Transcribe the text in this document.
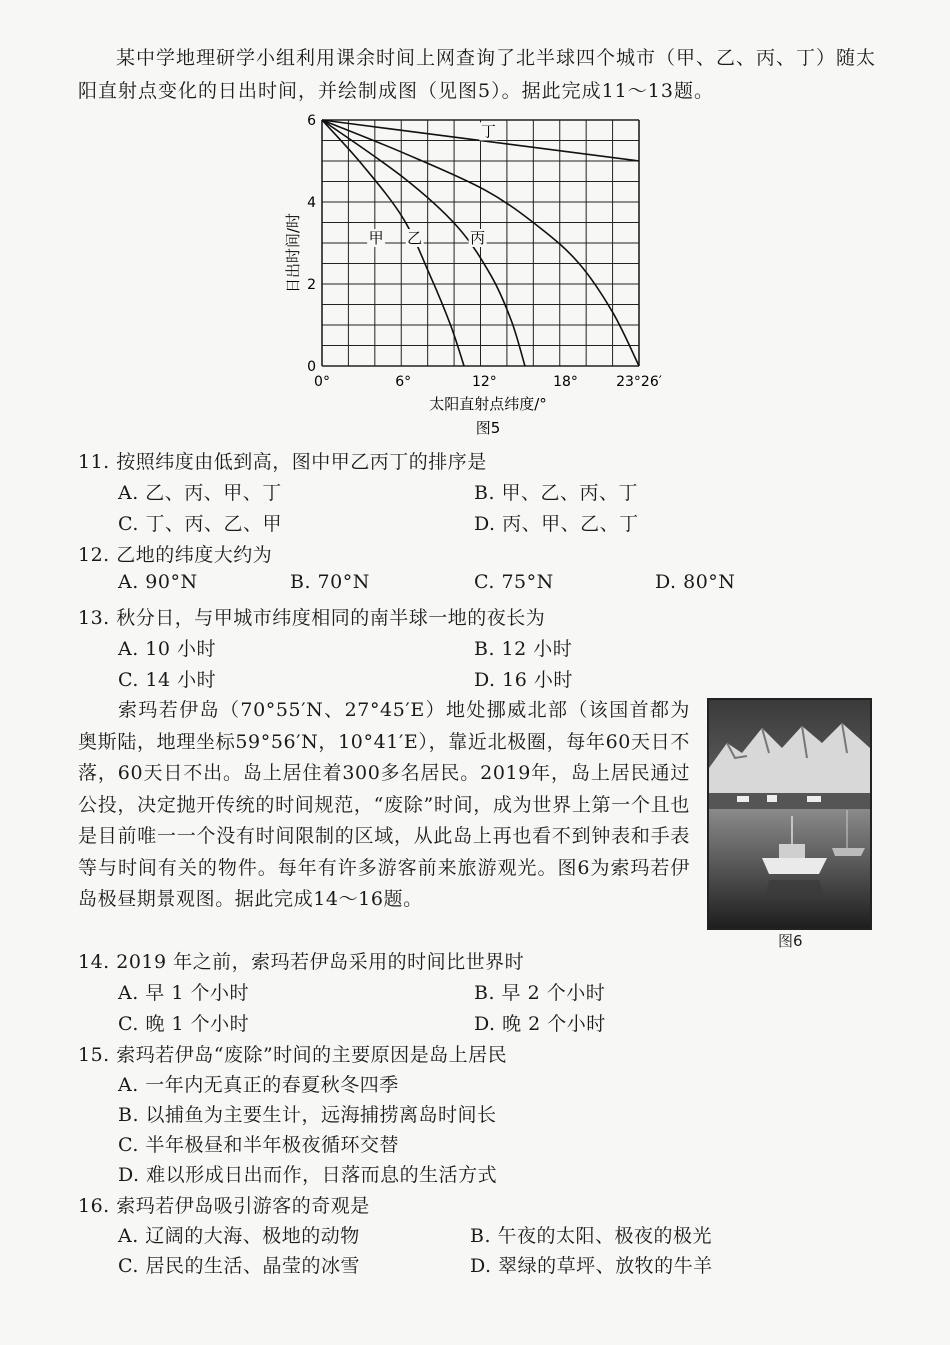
某中学地理研学小组利用课余时间上网查询了北半球四个城市（甲、乙、丙、丁）随太阳直射点变化的日出时间，并绘制成图（见图5）。据此完成11～13题。

甲 乙	丙
丁
0°	6°	12°	18°	23°26′
0
2
4
6
日出时间/时
太阳直射点纬度/°
图5
11. 按照纬度由低到高，图中甲乙丙丁的排序是
A. 乙、丙、甲、丁	B. 甲、乙、丙、丁
C. 丁、丙、乙、甲	D. 丙、甲、乙、丁
12. 乙地的纬度大约为
A. 90°N	B. 70°N	C. 75°N	D. 80°N
13. 秋分日，与甲城市纬度相同的南半球一地的夜长为
A. 10 小时	B. 12 小时
C. 14 小时	D. 16 小时

索玛若伊岛（70°55′N、27°45′E）地处挪威北部（该国首都为奥斯陆，地理坐标59°56′N，10°41′E），靠近北极圈，每年60天日不落，60天日不出。岛上居住着300多名居民。2019年，岛上居民通过公投，决定抛开传统的时间规范，“废除”时间，成为世界上第一个且也是目前唯一一个没有时间限制的区域，从此岛上再也看不到钟表和手表等与时间有关的物件。每年有许多游客前来旅游观光。图6为索玛若伊岛极昼期景观图。据此完成14～16题。

图6
14. 2019 年之前，索玛若伊岛采用的时间比世界时
A. 早 1 个小时	B. 早 2 个小时
C. 晚 1 个小时	D. 晚 2 个小时
15. 索玛若伊岛“废除”时间的主要原因是岛上居民
A. 一年内无真正的春夏秋冬四季
B. 以捕鱼为主要生计，远海捕捞离岛时间长
C. 半年极昼和半年极夜循环交替
D. 难以形成日出而作，日落而息的生活方式
16. 索玛若伊岛吸引游客的奇观是
A. 辽阔的大海、极地的动物	B. 午夜的太阳、极夜的极光
C. 居民的生活、晶莹的冰雪	D. 翠绿的草坪、放牧的牛羊
